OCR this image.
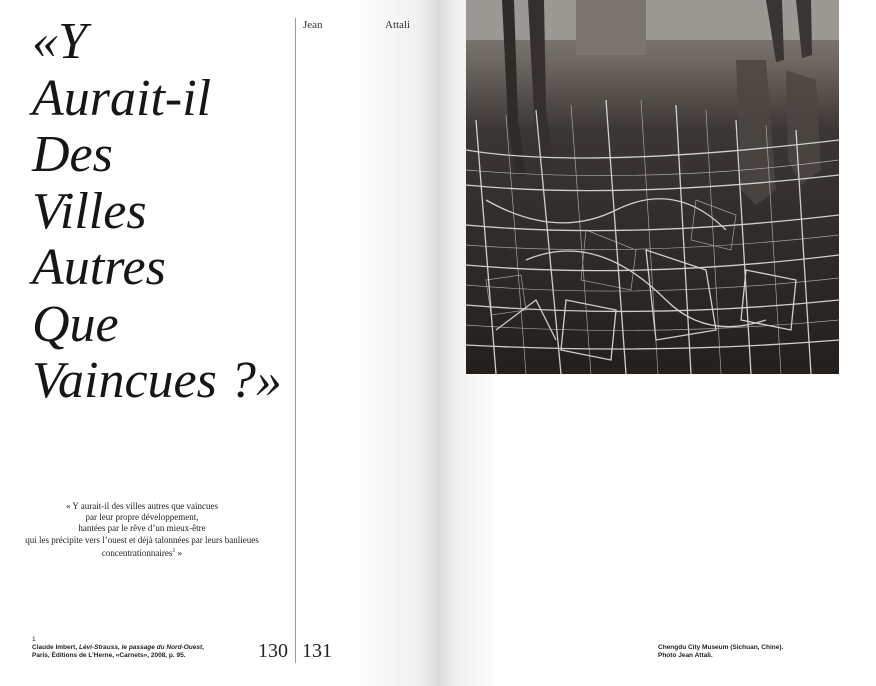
«Y
Aurait-il
Des
Villes
Autres
Que
Vaincues ?»
Jean	Attali

« Y aurait-il des villes autres que vaincues
par leur propre développement,
hantées par le rêve d’un mieux-être
qui les précipite vers l’ouest et déjà talonnées par leurs banlieues
concentrationnaires$^1$ »

1
Claude Imbert, Lévi-Strauss, le passage du Nord-Ouest,
Paris, Éditions de L’Herne, «Carnets», 2008, p. 95.	130 131	Chengdu City Museum (Sichuan, Chine).
Photo Jean Attali.
